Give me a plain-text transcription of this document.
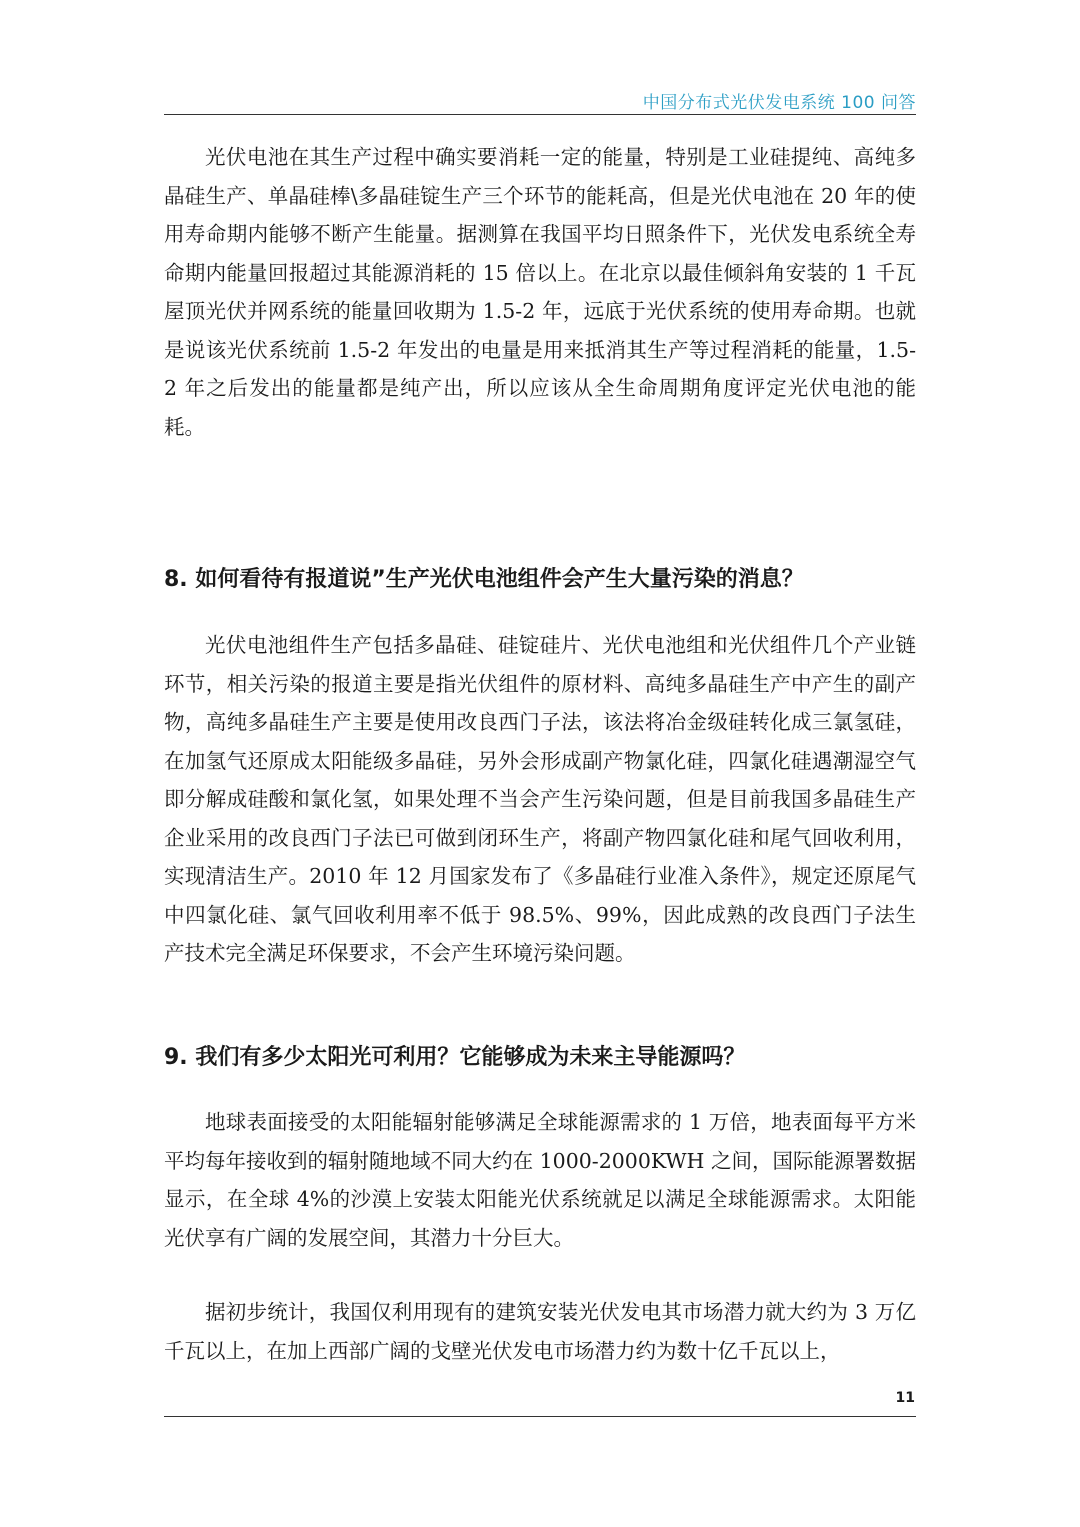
中国分布式光伏发电系统 100 问答

光伏电池在其生产过程中确实要消耗一定的能量，特别是工业硅提纯、高纯多晶硅生产、单晶硅棒\多晶硅锭生产三个环节的能耗高，但是光伏电池在 20 年的使用寿命期内能够不断产生能量。据测算在我国平均日照条件下，光伏发电系统全寿命期内能量回报超过其能源消耗的 15 倍以上。在北京以最佳倾斜角安装的 1 千瓦屋顶光伏并网系统的能量回收期为 1.5-2 年，远底于光伏系统的使用寿命期。也就是说该光伏系统前 1.5-2 年发出的电量是用来抵消其生产等过程消耗的能量，1.5-2 年之后发出的能量都是纯产出，所以应该从全生命周期角度评定光伏电池的能耗。

8. 如何看待有报道说”生产光伏电池组件会产生大量污染的消息？

光伏电池组件生产包括多晶硅、硅锭硅片、光伏电池组和光伏组件几个产业链环节，相关污染的报道主要是指光伏组件的原材料、高纯多晶硅生产中产生的副产物，高纯多晶硅生产主要是使用改良西门子法，该法将冶金级硅转化成三氯氢硅，在加氢气还原成太阳能级多晶硅，另外会形成副产物氯化硅，四氯化硅遇潮湿空气即分解成硅酸和氯化氢，如果处理不当会产生污染问题，但是目前我国多晶硅生产企业采用的改良西门子法已可做到闭环生产，将副产物四氯化硅和尾气回收利用，实现清洁生产。2010 年 12 月国家发布了《多晶硅行业准入条件》，规定还原尾气中四氯化硅、氯气回收利用率不低于 98.5%、99%，因此成熟的改良西门子法生产技术完全满足环保要求，不会产生环境污染问题。

9. 我们有多少太阳光可利用？它能够成为未来主导能源吗？

地球表面接受的太阳能辐射能够满足全球能源需求的 1 万倍，地表面每平方米平均每年接收到的辐射随地域不同大约在 1000-2000KWH 之间，国际能源署数据显示，在全球 4%的沙漠上安装太阳能光伏系统就足以满足全球能源需求。太阳能光伏享有广阔的发展空间，其潜力十分巨大。

据初步统计，我国仅利用现有的建筑安装光伏发电其市场潜力就大约为 3 万亿千瓦以上，在加上西部广阔的戈壁光伏发电市场潜力约为数十亿千瓦以上，

11
